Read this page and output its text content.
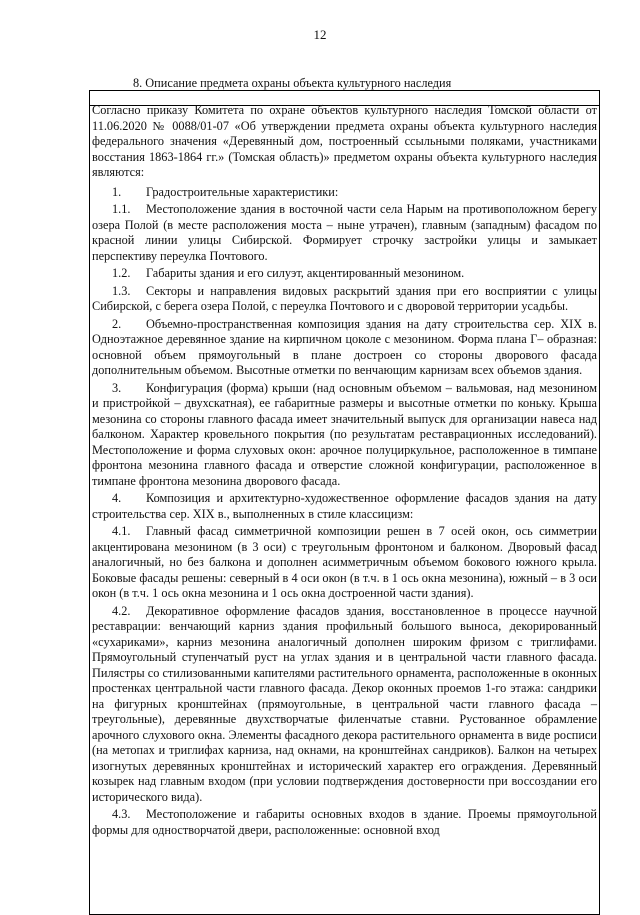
12
8. Описание предмета охраны объекта культурного наследия

Согласно приказу Комитета по охране объектов культурного наследия Томской области от 11.06.2020 № 0088/01-07 «Об утверждении предмета охраны объекта культурного наследия федерального значения «Деревянный дом, построенный ссыльными поляками, участниками восстания 1863-1864 гг.» (Томская область)» предметом охраны объекта культурного наследия являются:

1. Градостроительные характеристики:

1.1. Местоположение здания в восточной части села Нарым на противоположном берегу озера Полой (в месте расположения моста – ныне утрачен), главным (западным) фасадом по красной линии улицы Сибирской. Формирует строчку застройки улицы и замыкает перспективу переулка Почтового.

1.2. Габариты здания и его силуэт, акцентированный мезонином.

1.3. Секторы и направления видовых раскрытий здания при его восприятии с улицы Сибирской, с берега озера Полой, с переулка Почтового и с дворовой территории усадьбы.

2. Объемно-пространственная композиция здания на дату строительства сер. XIX в. Одноэтажное деревянное здание на кирпичном цоколе с мезонином. Форма плана Г– образная: основной объем прямоугольный в плане достроен со стороны дворового фасада дополнительным объемом. Высотные отметки по венчающим карнизам всех объемов здания.

3. Конфигурация (форма) крыши (над основным объемом – вальмовая, над мезонином и пристройкой – двухскатная), ее габаритные размеры и высотные отметки по коньку. Крыша мезонина со стороны главного фасада имеет значительный выпуск для организации навеса над балконом. Характер кровельного покрытия (по результатам реставрационных исследований). Местоположение и форма слуховых окон: арочное полуциркульное, расположенное в тимпане фронтона мезонина главного фасада и отверстие сложной конфигурации, расположенное в тимпане фронтона мезонина дворового фасада.

4. Композиция и архитектурно-художественное оформление фасадов здания на дату строительства сер. XIX в., выполненных в стиле классицизм:

4.1. Главный фасад симметричной композиции решен в 7 осей окон, ось симметрии акцентирована мезонином (в 3 оси) с треугольным фронтоном и балконом. Дворовый фасад аналогичный, но без балкона и дополнен асимметричным объемом бокового южного крыла. Боковые фасады решены: северный в 4 оси окон (в т.ч. в 1 ось окна мезонина), южный – в 3 оси окон (в т.ч. 1 ось окна мезонина и 1 ось окна достроенной части здания).

4.2. Декоративное оформление фасадов здания, восстановленное в процессе научной реставрации: венчающий карниз здания профильный большого выноса, декорированный «сухариками», карниз мезонина аналогичный дополнен широким фризом с триглифами. Прямоугольный ступенчатый руст на углах здания и в центральной части главного фасада. Пилястры со стилизованными капителями растительного орнамента, расположенные в оконных простенках центральной части главного фасада. Декор оконных проемов 1-го этажа: сандрики на фигурных кронштейнах (прямоугольные, в центральной части главного фасада – треугольные), деревянные двухстворчатые филенчатые ставни. Рустованное обрамление арочного слухового окна. Элементы фасадного декора растительного орнамента в виде росписи (на метопах и триглифах карниза, над окнами, на кронштейнах сандриков). Балкон на четырех изогнутых деревянных кронштейнах и исторический характер его ограждения. Деревянный козырек над главным входом (при условии подтверждения достоверности при воссоздании его исторического вида).

4.3. Местоположение и габариты основных входов в здание. Проемы прямоугольной формы для одностворчатой двери, расположенные: основной вход
